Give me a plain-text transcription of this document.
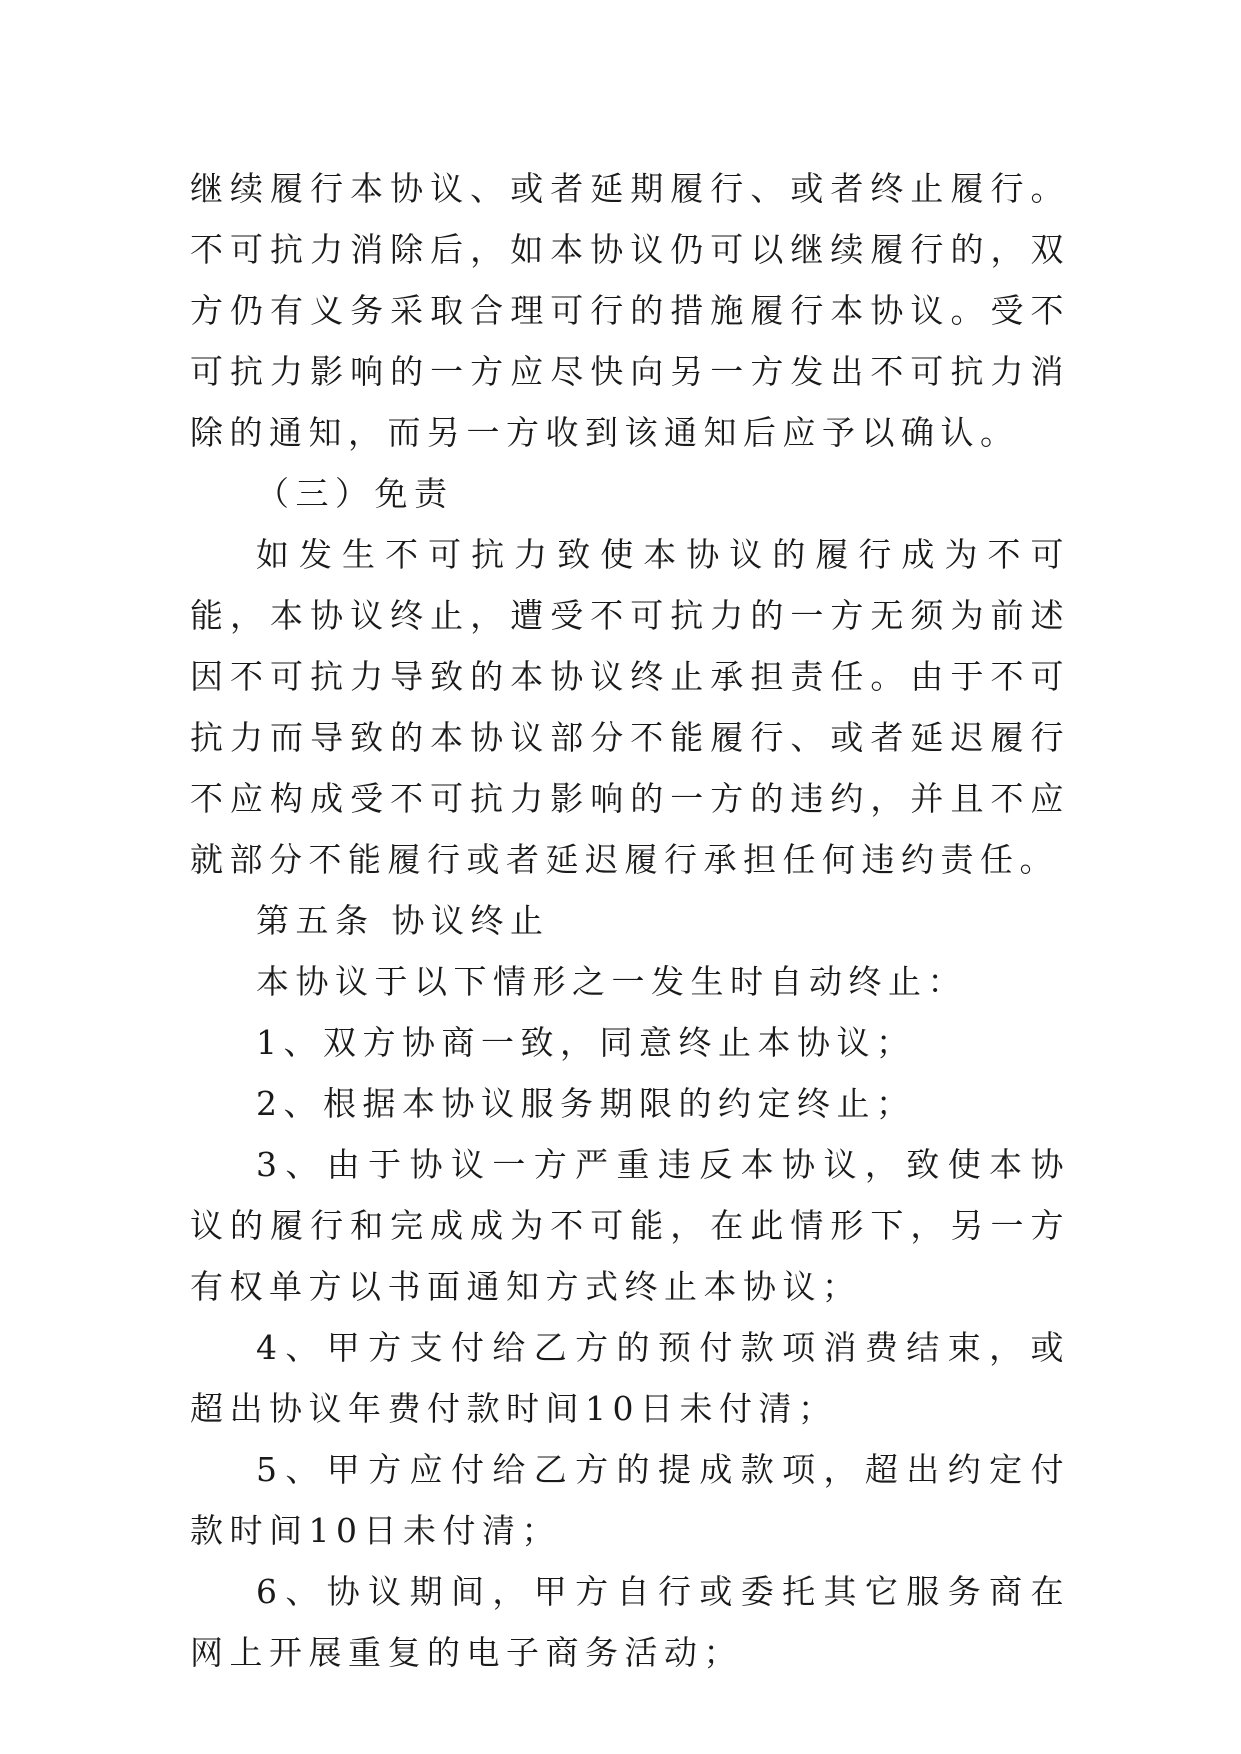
继续履行本协议、或者延期履行、或者终止履行。不可抗力消除后，如本协议仍可以继续履行的，双方仍有义务采取合理可行的措施履行本协议。受不可抗力影响的一方应尽快向另一方发出不可抗力消除的通知，而另一方收到该通知后应予以确认。

（三）免责

如发生不可抗力致使本协议的履行成为不可能，本协议终止，遭受不可抗力的一方无须为前述因不可抗力导致的本协议终止承担责任。由于不可抗力而导致的本协议部分不能履行、或者延迟履行不应构成受不可抗力影响的一方的违约，并且不应就部分不能履行或者延迟履行承担任何违约责任。

第五条 协议终止

本协议于以下情形之一发生时自动终止：

1、双方协商一致，同意终止本协议；

2、根据本协议服务期限的约定终止；

3、由于协议一方严重违反本协议，致使本协议的履行和完成成为不可能，在此情形下，另一方有权单方以书面通知方式终止本协议；

4、甲方支付给乙方的预付款项消费结束，或超出协议年费付款时间10日未付清；

5、甲方应付给乙方的提成款项，超出约定付款时间10日未付清；

6、协议期间，甲方自行或委托其它服务商在网上开展重复的电子商务活动；
